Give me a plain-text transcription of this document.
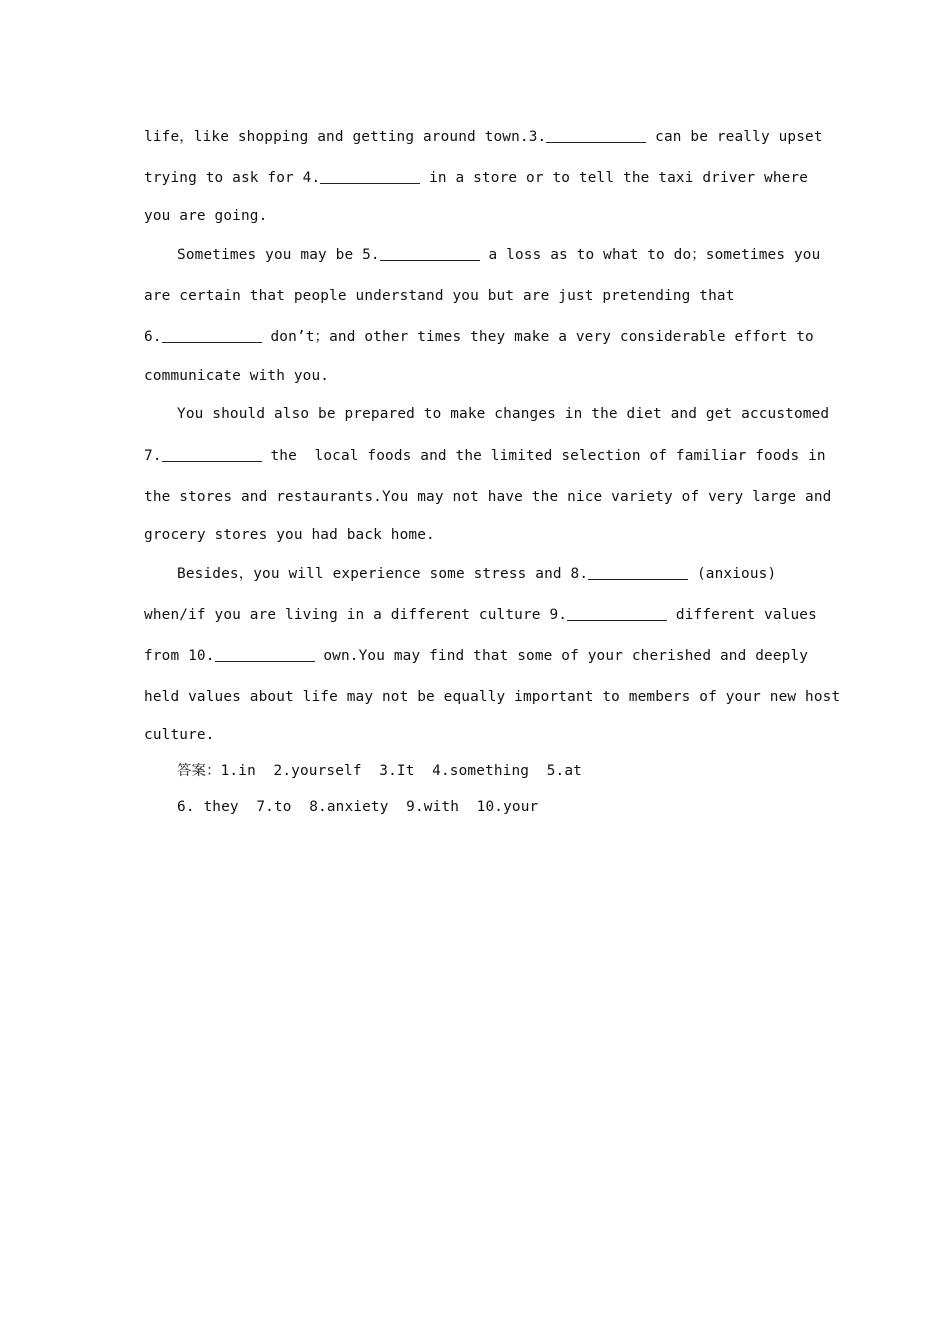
life，like shopping and getting around town.3.	can be really upset
trying to ask for 4.	in a store or to tell the taxi driver where
you are going.
Sometimes you may be 5.	a loss as to what to do；sometimes you
are certain that people understand you but are just pretending that
6.	don’t；and other times they make a very considerable effort to
communicate with you.
You should also be prepared to make changes in the diet and get accustomed
7.	the  local foods and the limited selection of familiar foods in
the stores and restaurants.You may not have the nice variety of very large and
grocery stores you had back home.
Besides，you will experience some stress and 8.	(anxious)
when/if you are living in a different culture 9.	different values
from 10.	own.You may find that some of your cherished and deeply
held values about life may not be equally important to members of your new host
culture.
答案：1.in  2.yourself  3.It  4.something  5.at
6. they  7.to  8.anxiety  9.with  10.your
